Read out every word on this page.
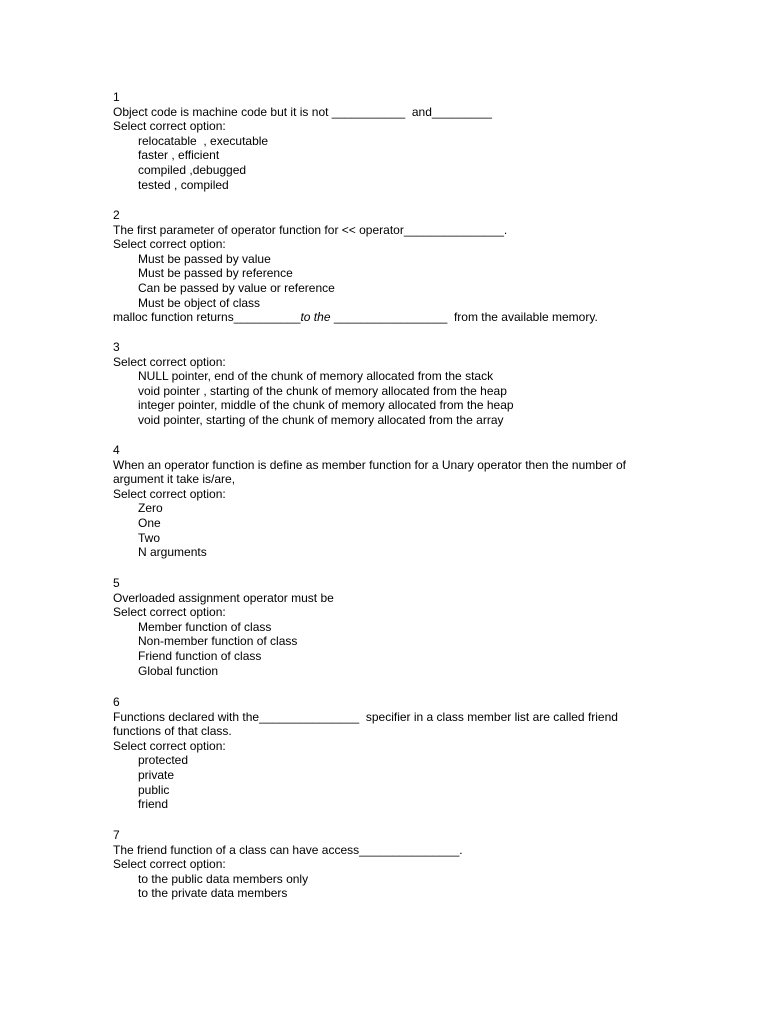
1
Object code is machine code but it is not ___________  and_________
Select correct option:
relocatable  , executable
faster , efficient
compiled ,debugged
tested , compiled
2
The first parameter of operator function for << operator_______________.
Select correct option:
Must be passed by value
Must be passed by reference
Can be passed by value or reference
Must be object of class
malloc function returns__________to the _________________  from the available memory.
3
Select correct option:
NULL pointer, end of the chunk of memory allocated from the stack
void pointer , starting of the chunk of memory allocated from the heap
integer pointer, middle of the chunk of memory allocated from the heap
void pointer, starting of the chunk of memory allocated from the array
4
When an operator function is define as member function for a Unary operator then the number of
argument it take is/are,
Select correct option:
Zero
One
Two
N arguments
5
Overloaded assignment operator must be
Select correct option:
Member function of class
Non-member function of class
Friend function of class
Global function
6
Functions declared with the_______________  specifier in a class member list are called friend
functions of that class.
Select correct option:
protected
private
public
friend
7
The friend function of a class can have access_______________.
Select correct option:
to the public data members only
to the private data members
